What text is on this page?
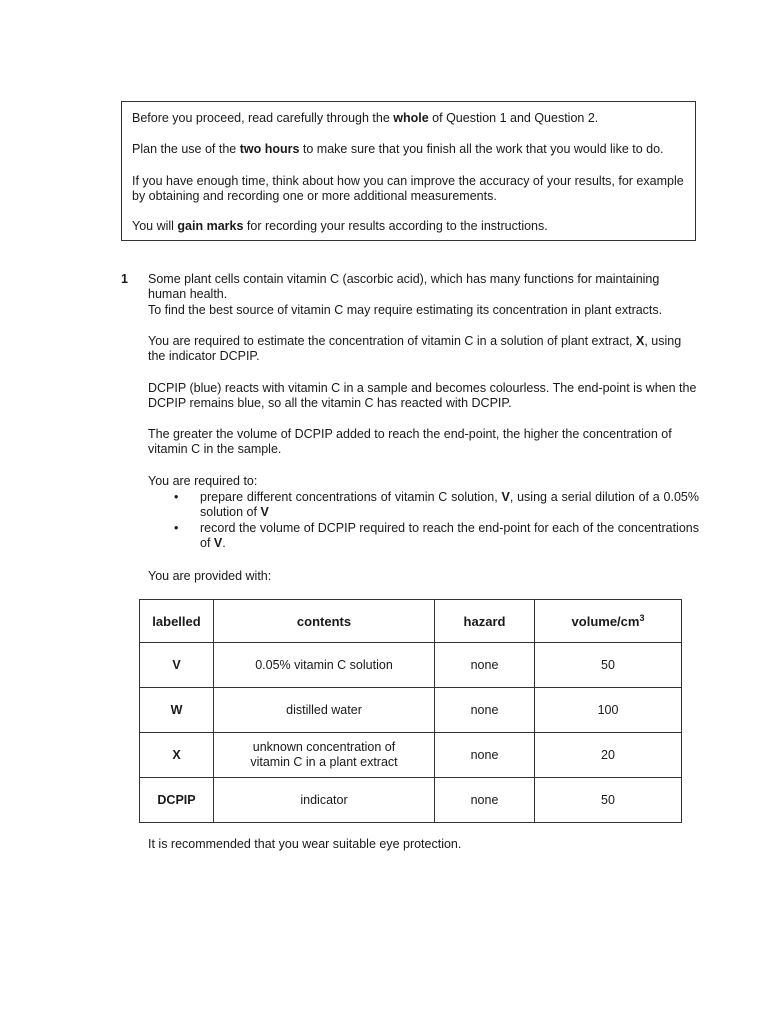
Before you proceed, read carefully through the whole of Question 1 and Question 2.

Plan the use of the two hours to make sure that you finish all the work that you would like to do.

If you have enough time, think about how you can improve the accuracy of your results, for example by obtaining and recording one or more additional measurements.

You will gain marks for recording your results according to the instructions.

1 Some plant cells contain vitamin C (ascorbic acid), which has many functions for maintaining human health.

To find the best source of vitamin C may require estimating its concentration in plant extracts.

You are required to estimate the concentration of vitamin C in a solution of plant extract, X, using the indicator DCPIP.

DCPIP (blue) reacts with vitamin C in a sample and becomes colourless. The end-point is when the DCPIP remains blue, so all the vitamin C has reacted with DCPIP.

The greater the volume of DCPIP added to reach the end-point, the higher the concentration of vitamin C in the sample.

You are required to:

•	prepare different concentrations of vitamin C solution, V, using a serial dilution of a 0.05% solution of V

•	record the volume of DCPIP required to reach the end-point for each of the concentrations of V.

You are provided with:

labelled	contents	hazard	volume/$cm^3$
V	0.05% vitamin C solution	none	50
W	distilled water	none	100
X	unknown concentration of
vitamin C in a plant extract	none	20
DCPIP	indicator	none	50

It is recommended that you wear suitable eye protection.
